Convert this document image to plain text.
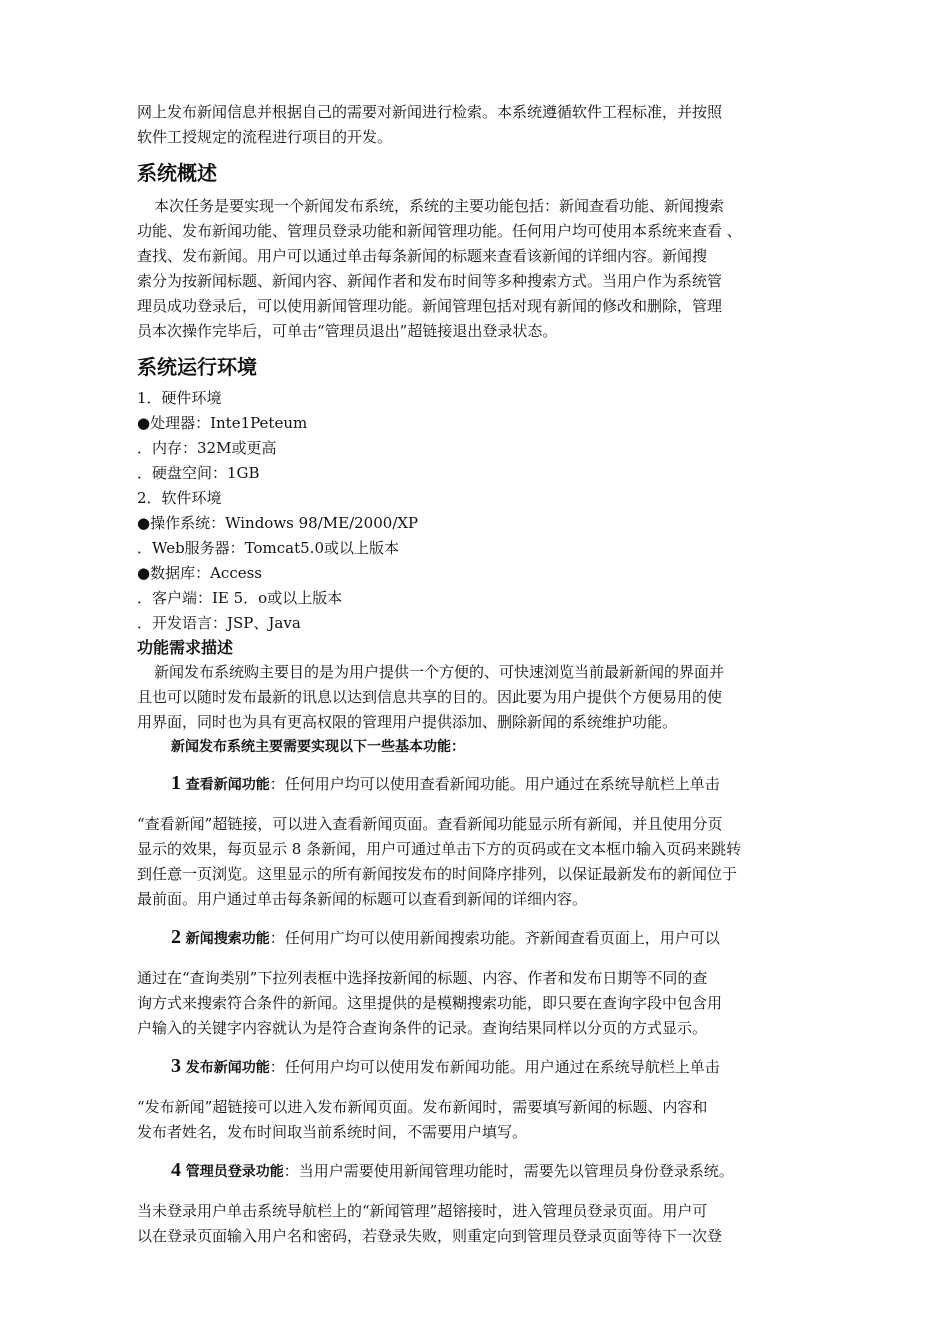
网上发布新闻信息并根据自己的需要对新闻进行检索。本系统遵循软件工程标准，并按照

软件工授规定的流程进行项目的开发。

系统概述

本次任务是要实现一个新闻发布系统，系统的主要功能包括：新闻查看功能、新闻搜索

功能、发布新闻功能、管理员登录功能和新闻管理功能。任何用户均可使用本系统来查看 、

查找、发布新闻。用户可以通过单击每条新闻的标题来查看该新闻的详细内容。新闻搜

索分为按新闻标题、新闻内容、新闻作者和发布时间等多种搜索方式。当用户作为系统管

理员成功登录后，可以使用新闻管理功能。新闻管理包括对现有新闻的修改和删除，管理

员本次操作完毕后，可单击“管理员退出”超链接退出登录状态。

系统运行环境

1．硬件环境

●处理器：Inte1Peteum

．内存：32M或更高

．硬盘空间：1GB

2．软件环境

●操作系统：Windows 98/ME/2000/XP

．Web服务器：Tomcat5.0或以上版本

●数据库：Access

．客户端：IE 5．o或以上版本

．开发语言：JSP、Java

功能需求描述

新闻发布系统购主要目的是为用户提供一个方便的、可快速浏览当前最新新闻的界面并

且也可以随时发布最新的讯息以达到信息共享的目的。因此要为用户提供个方便易用的使

用界面，同时也为具有更高权限的管理用户提供添加、删除新闻的系统维护功能。

新闻发布系统主要需要实现以下一些基本功能：

1 查看新闻功能：任何用户均可以使用查看新闻功能。用户通过在系统导航栏上单击

“查看新闻”超链接，可以进入查看新闻页面。查看新闻功能显示所有新闻，并且使用分页

显示的效果，每页显示 8 条新闻，用户可通过单击下方的页码或在文本框巾输入页码来跳转

到任意一页浏览。这里显示的所有新闻按发布的时间降序排列，以保证最新发布的新闻位于

最前面。用户通过单击每条新闻的标题可以查看到新闻的详细内容。

2 新闻搜索功能：任何用广均可以使用新闻搜索功能。齐新闻查看页面上，用户可以

通过在“查询类别”下拉列表框中选择按新闻的标题、内容、作者和发布日期等不同的查

询方式来搜索符合条件的新闻。这里提供的是模糊搜索功能，即只要在查询字段中包含用

户输入的关键字内容就认为是符合查询条件的记录。查询结果同样以分页的方式显示。

3 发布新闻功能：任何用户均可以使用发布新闻功能。用户通过在系统导航栏上单击

“发布新闻”超链接可以进入发布新闻页面。发布新闻时，需要填写新闻的标题、内容和

发布者姓名，发布时间取当前系统时间，不需要用户填写。

4 管理员登录功能：当用户需要使用新闻管理功能时，需要先以管理员身份登录系统。

当未登录用户单击系统导航栏上的“新闻管理”超镕接时，进入管理员登录页面。用户可

以在登录页面输入用户名和密码，若登录失败，则重定向到管理员登录页面等待下一次登
